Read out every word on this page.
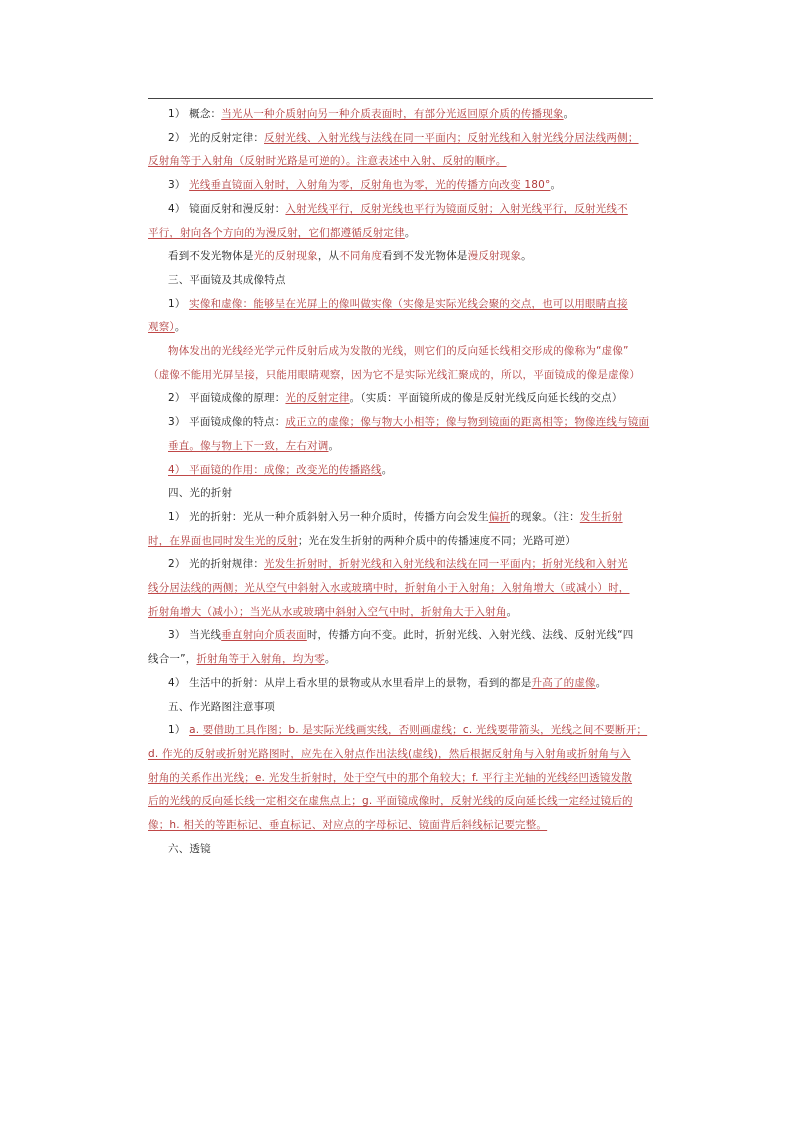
1） 概念：当光从一种介质射向另一种介质表面时，有部分光返回原介质的传播现象。
2） 光的反射定律：反射光线、入射光线与法线在同一平面内；反射光线和入射光线分居法线两侧；
反射角等于入射角（反射时光路是可逆的）。注意表述中入射、反射的顺序。
3） 光线垂直镜面入射时，入射角为零，反射角也为零，光的传播方向改变 180°。
4） 镜面反射和漫反射：入射光线平行，反射光线也平行为镜面反射；入射光线平行，反射光线不
平行，射向各个方向的为漫反射，它们都遵循反射定律。
看到不发光物体是光的反射现象，从不同角度看到不发光物体是漫反射现象。
三、平面镜及其成像特点
1） 实像和虚像：能够呈在光屏上的像叫做实像（实像是实际光线会聚的交点，也可以用眼睛直接
观察）。
物体发出的光线经光学元件反射后成为发散的光线，则它们的反向延长线相交形成的像称为“虚像”
（虚像不能用光屏呈接，只能用眼睛观察，因为它不是实际光线汇聚成的，所以，平面镜成的像是虚像）
2） 平面镜成像的原理：光的反射定律。（实质：平面镜所成的像是反射光线反向延长线的交点）
3） 平面镜成像的特点：成正立的虚像；像与物大小相等；像与物到镜面的距离相等；物像连线与镜面
垂直。像与物上下一致，左右对调。
4） 平面镜的作用：成像；改变光的传播路线。
四、光的折射
1） 光的折射：光从一种介质斜射入另一种介质时，传播方向会发生偏折的现象。（注：发生折射
时，在界面也同时发生光的反射；光在发生折射的两种介质中的传播速度不同；光路可逆）
2） 光的折射规律：光发生折射时，折射光线和入射光线和法线在同一平面内；折射光线和入射光
线分居法线的两侧；光从空气中斜射入水或玻璃中时，折射角小于入射角；入射角增大（或减小）时，
折射角增大（减小）；当光从水或玻璃中斜射入空气中时，折射角大于入射角。
3） 当光线垂直射向介质表面时，传播方向不变。此时，折射光线、入射光线、法线、反射光线“四
线合一”，折射角等于入射角，均为零。
4） 生活中的折射：从岸上看水里的景物或从水里看岸上的景物，看到的都是升高了的虚像。
五、作光路图注意事项
1） a. 要借助工具作图；b. 是实际光线画实线，否则画虚线；c. 光线要带箭头，光线之间不要断开；
d. 作光的反射或折射光路图时，应先在入射点作出法线(虚线)，然后根据反射角与入射角或折射角与入
射角的关系作出光线；e. 光发生折射时，处于空气中的那个角较大；f. 平行主光轴的光线经凹透镜发散
后的光线的反向延长线一定相交在虚焦点上；g. 平面镜成像时，反射光线的反向延长线一定经过镜后的
像；h. 相关的等距标记、垂直标记、对应点的字母标记、镜面背后斜线标记要完整。
六、透镜
